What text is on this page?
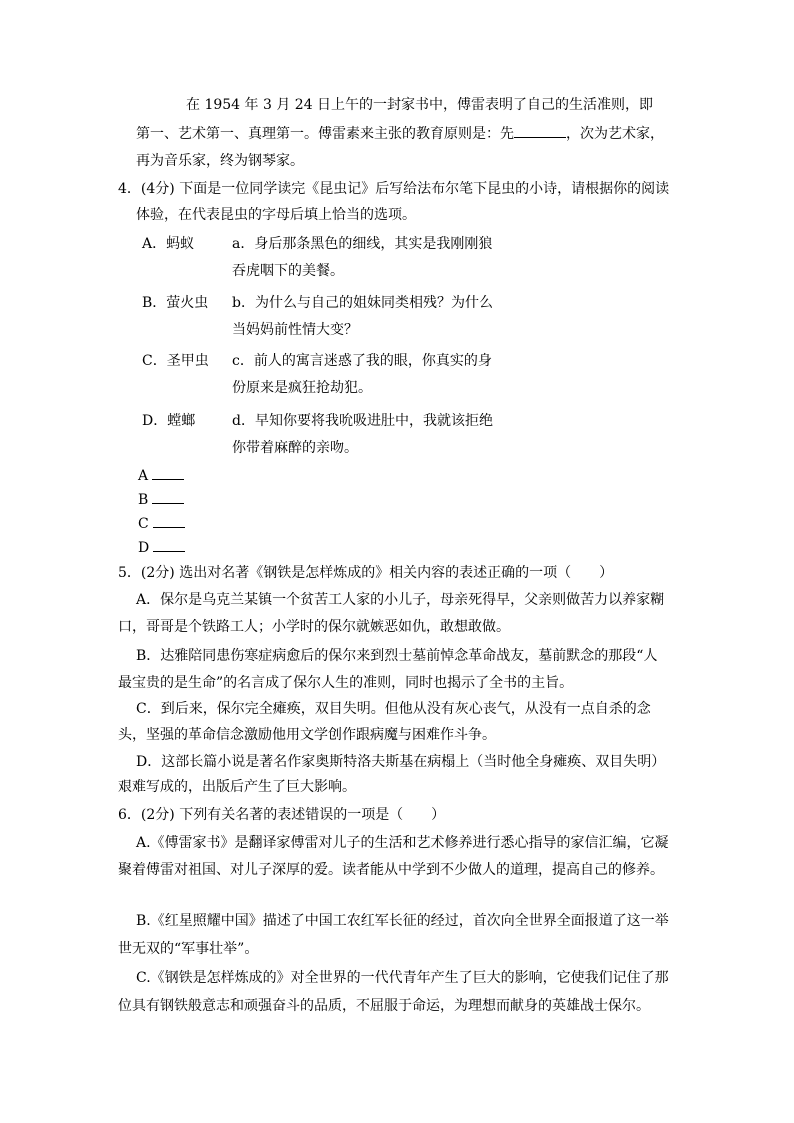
在 1954 年 3 月 24 日上午的一封家书中，傅雷表明了自己的生活准则，即
第一、艺术第一、真理第一。傅雷素来主张的教育原则是：先	，次为艺术家，
再为音乐家，终为钢琴家。
4．(4分) 下面是一位同学读完《昆虫记》后写给法布尔笔下昆虫的小诗，请根据你的阅读
体验，在代表昆虫的字母后填上恰当的选项。
A．蚂蚁	a．身后那条黑色的细线，其实是我刚刚狼
吞虎咽下的美餐。
B．萤火虫 b．为什么与自己的姐妹同类相残？为什么
当妈妈前性情大变？
C．圣甲虫 c．前人的寓言迷惑了我的眼，你真实的身
份原来是疯狂抢劫犯。
D．螳螂	d．早知你要将我吮吸进肚中，我就该拒绝
你带着麻醉的亲吻。
A
B
C
D
5．(2分) 选出对名著《钢铁是怎样炼成的》相关内容的表述正确的一项（　　）
A．保尔是乌克兰某镇一个贫苦工人家的小儿子，母亲死得早，父亲则做苦力以养家糊
口，哥哥是个铁路工人；小学时的保尔就嫉恶如仇，敢想敢做。
B．达雅陪同患伤寒症病愈后的保尔来到烈士墓前悼念革命战友，墓前默念的那段“人
最宝贵的是生命”的名言成了保尔人生的准则，同时也揭示了全书的主旨。
C．到后来，保尔完全瘫痪，双目失明。但他从没有灰心丧气，从没有一点自杀的念
头，坚强的革命信念激励他用文学创作跟病魔与困难作斗争。
D．这部长篇小说是著名作家奥斯特洛夫斯基在病榻上（当时他全身瘫痪、双目失明）
艰难写成的，出版后产生了巨大影响。
6．(2分) 下列有关名著的表述错误的一项是（　　）
A.《傅雷家书》是翻译家傅雷对儿子的生活和艺术修养进行悉心指导的家信汇编，它凝
聚着傅雷对祖国、对儿子深厚的爱。读者能从中学到不少做人的道理，提高自己的修养。
B.《红星照耀中国》描述了中国工农红军长征的经过，首次向全世界全面报道了这一举
世无双的“军事壮举”。
C.《钢铁是怎样炼成的》对全世界的一代代青年产生了巨大的影响，它使我们记住了那
位具有钢铁般意志和顽强奋斗的品质，不屈服于命运，为理想而献身的英雄战士保尔。
